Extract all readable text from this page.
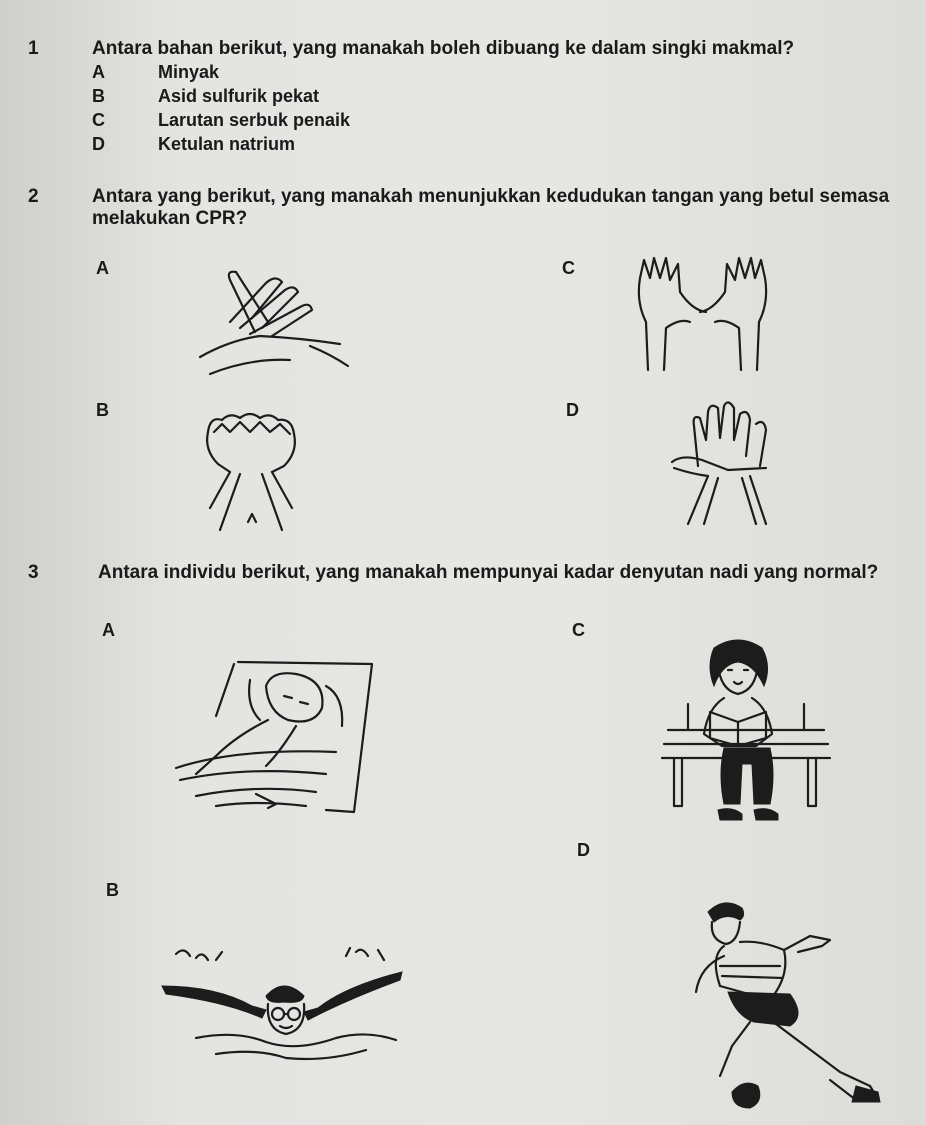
1	Antara bahan berikut, yang manakah boleh dibuang ke dalam singki makmal?
A	Minyak
B	Asid sulfurik pekat
C	Larutan serbuk penaik
D	Ketulan natrium
2	Antara yang berikut, yang manakah menunjukkan kedudukan tangan yang betul semasa
melakukan CPR?
A	C
B	D
3	Antara individu berikut, yang manakah mempunyai kadar denyutan nadi yang normal?
A	C
B
D
